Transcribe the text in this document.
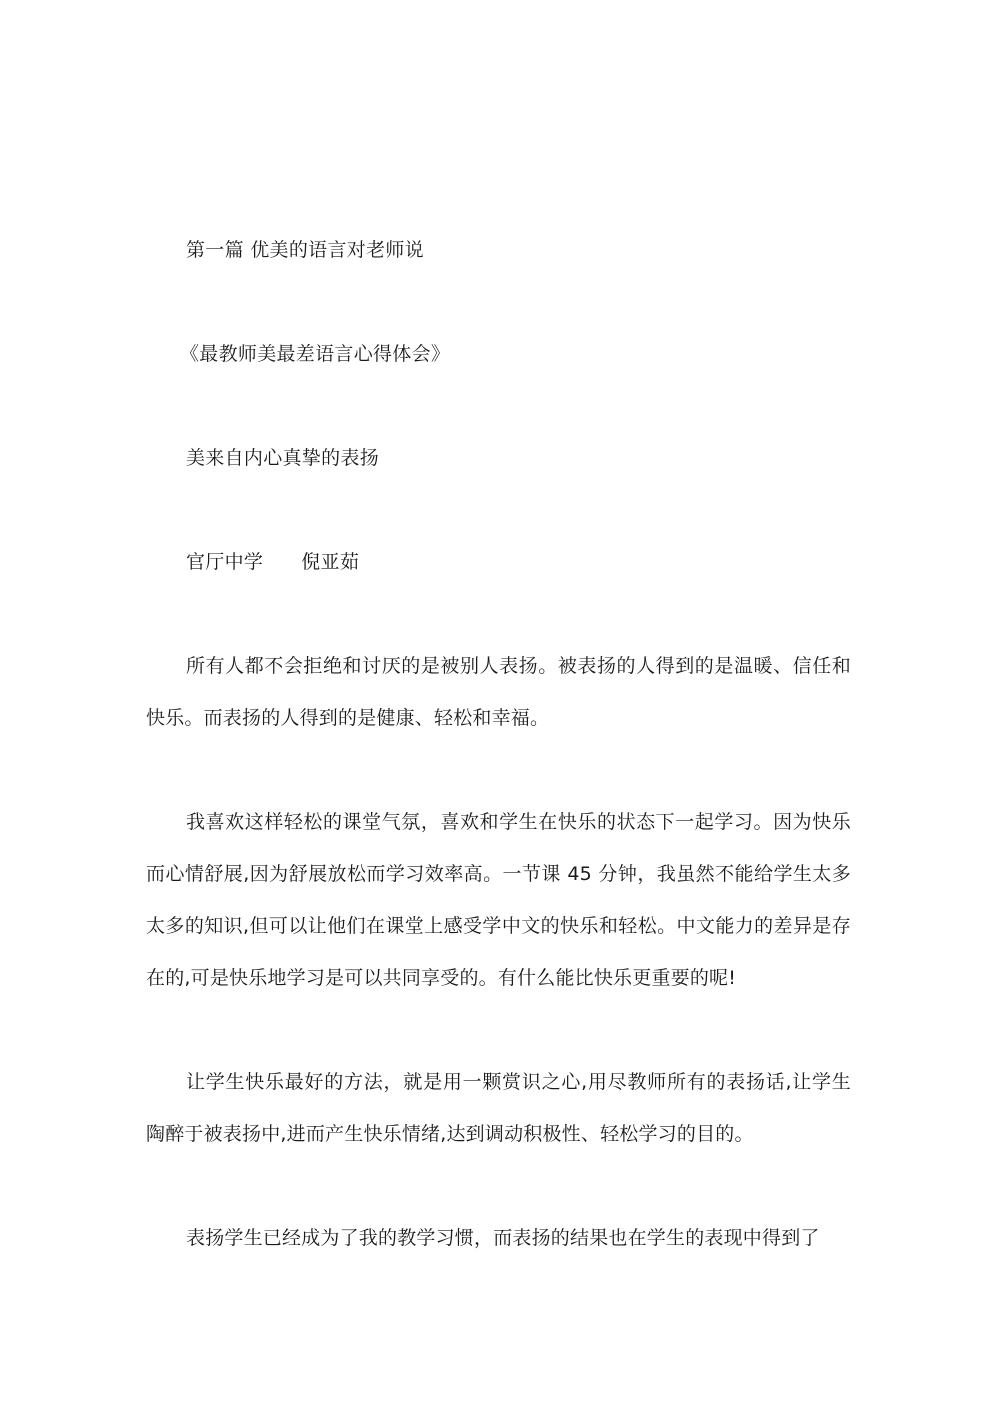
第一篇 优美的语言对老师说
《最教师美最差语言心得体会》
美来自内心真挚的表扬
官厅中学      倪亚茹
所有人都不会拒绝和讨厌的是被别人表扬。被表扬的人得到的是温暖、信任和快乐。而表扬的人得到的是健康、轻松和幸福。
我喜欢这样轻松的课堂气氛，喜欢和学生在快乐的状态下一起学习。因为快乐而心情舒展,因为舒展放松而学习效率高。一节课 45 分钟，我虽然不能给学生太多太多的知识,但可以让他们在课堂上感受学中文的快乐和轻松。中文能力的差异是存在的,可是快乐地学习是可以共同享受的。有什么能比快乐更重要的呢!
让学生快乐最好的方法，就是用一颗赏识之心,用尽教师所有的表扬话,让学生陶醉于被表扬中,进而产生快乐情绪,达到调动积极性、轻松学习的目的。
表扬学生已经成为了我的教学习惯，而表扬的结果也在学生的表现中得到了
